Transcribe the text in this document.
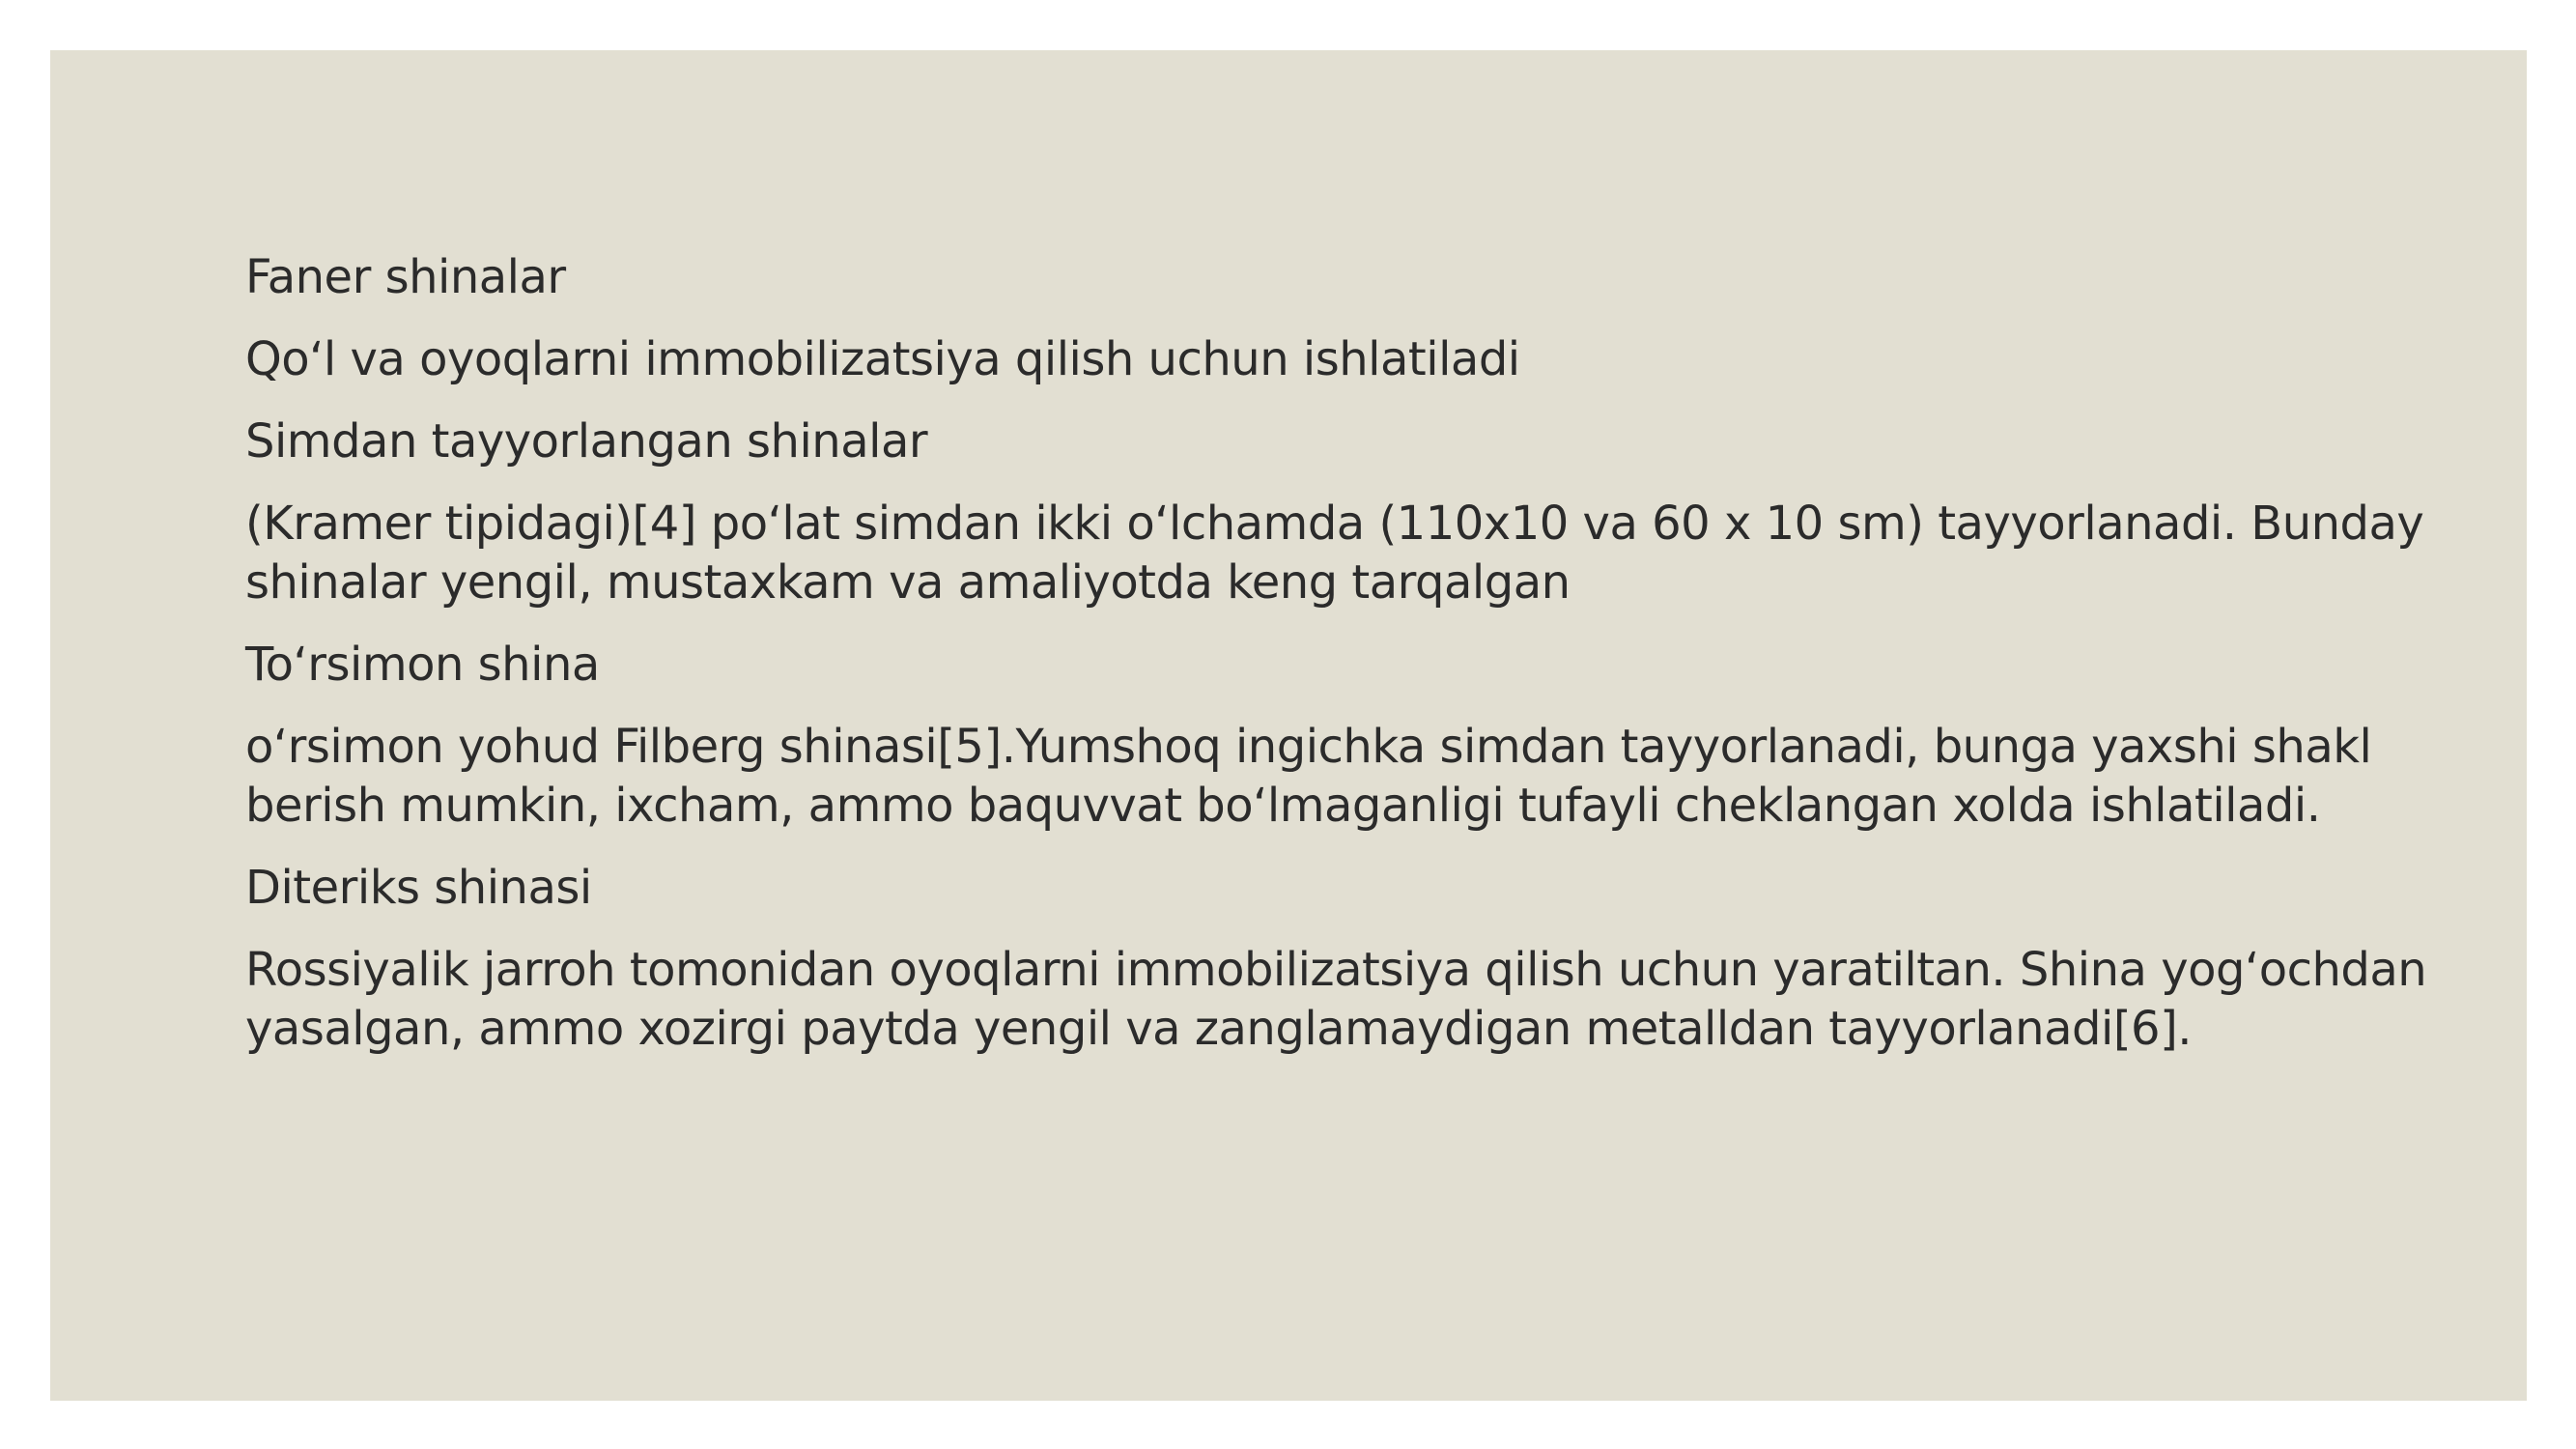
Faner shinalar

Qo‘l va oyoqlarni immobilizatsiya qilish uchun ishlatiladi

Simdan tayyorlangan shinalar

(Kramer tipidagi)[4] po‘lat simdan ikki o‘lchamda (110x10 va 60 x 10 sm) tayyorlanadi. Bunday shinalar yengil, mustaxkam va amaliyotda keng tarqalgan

To‘rsimon shina

o‘rsimon yohud Filberg shinasi[5].Yumshoq ingichka simdan tayyorlanadi, bunga yaxshi shakl berish mumkin, ixcham, ammo baquvvat bo‘lmaganligi tufayli cheklangan xolda ishlatiladi.

Diteriks shinasi

Rossiyalik jarroh tomonidan oyoqlarni immobilizatsiya qilish uchun yaratiltan. Shina yog‘ochdan yasalgan, ammo xozirgi paytda yengil va zanglamaydigan metalldan tayyorlanadi[6].
